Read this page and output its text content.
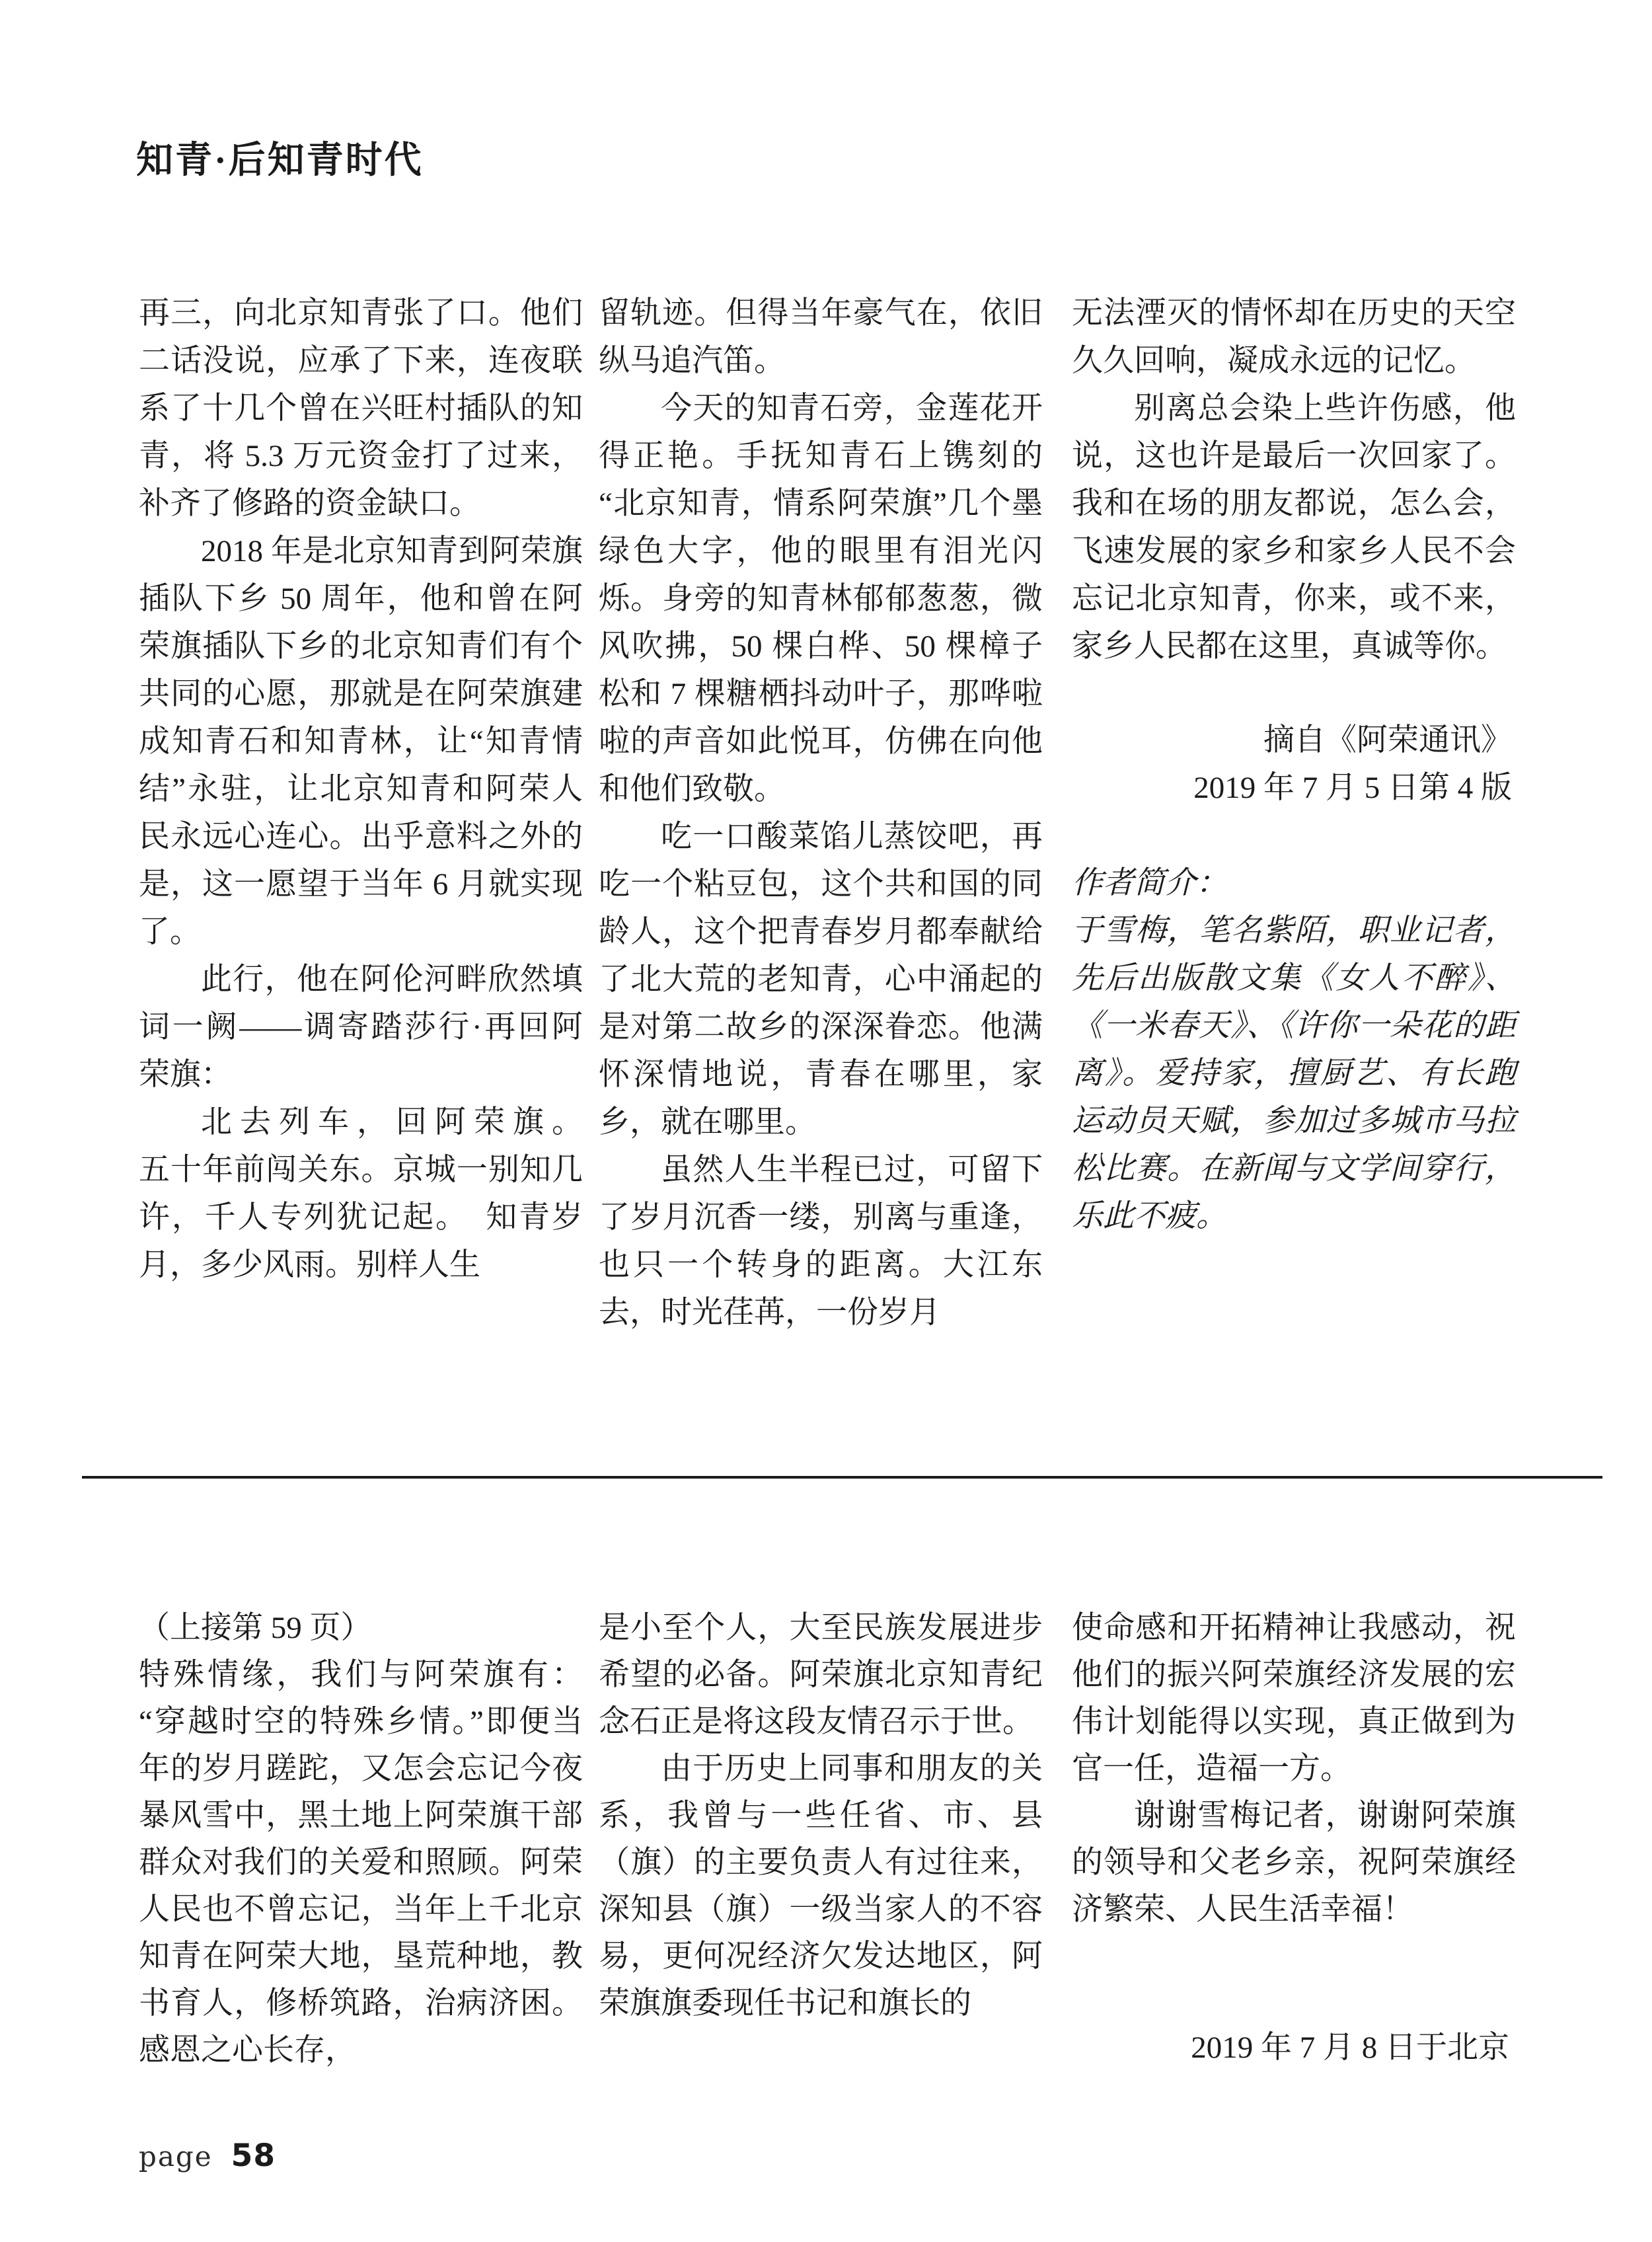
知青·后知青时代

再三，向北京知青张了口。他们二话没说，应承了下来，连夜联系了十几个曾在兴旺村插队的知青，将 5.3 万元资金打了过来，补齐了修路的资金缺口。

2018 年是北京知青到阿荣旗插队下乡 50 周年，他和曾在阿荣旗插队下乡的北京知青们有个共同的心愿，那就是在阿荣旗建成知青石和知青林，让“知青情结”永驻，让北京知青和阿荣人民永远心连心。出乎意料之外的是，这一愿望于当年 6 月就实现了。

此行，他在阿伦河畔欣然填词一阙——调寄踏莎行·再回阿荣旗：

北去列车，回阿荣旗。

五十年前闯关东。京城一别知几许，千人专列犹记起。　知青岁月，多少风雨。别样人生

留轨迹。但得当年豪气在，依旧纵马追汽笛。

今天的知青石旁，金莲花开得正艳。手抚知青石上镌刻的“北京知青，情系阿荣旗”几个墨绿色大字，他的眼里有泪光闪烁。身旁的知青林郁郁葱葱，微风吹拂，50 棵白桦、50 棵樟子松和 7 棵糖栖抖动叶子，那哗啦啦的声音如此悦耳，仿佛在向他和他们致敬。

吃一口酸菜馅儿蒸饺吧，再吃一个粘豆包，这个共和国的同龄人，这个把青春岁月都奉献给了北大荒的老知青，心中涌起的是对第二故乡的深深眷恋。他满怀深情地说，青春在哪里，家乡，就在哪里。

虽然人生半程已过，可留下了岁月沉香一缕，别离与重逢，也只一个转身的距离。大江东去，时光荏苒，一份岁月

无法湮灭的情怀却在历史的天空久久回响，凝成永远的记忆。

别离总会染上些许伤感，他说，这也许是最后一次回家了。我和在场的朋友都说，怎么会，飞速发展的家乡和家乡人民不会忘记北京知青，你来，或不来，家乡人民都在这里，真诚等你。

摘自《阿荣通讯》

2019 年 7 月 5 日第 4 版

作者简介：

于雪梅，笔名紫陌，职业记者，先后出版散文集《女人不醉》、《一米春天》、《许你一朵花的距离》。爱持家，擅厨艺、有长跑运动员天赋，参加过多城市马拉松比赛。在新闻与文学间穿行，乐此不疲。

（上接第 59 页）

特殊情缘，我们与阿荣旗有：“穿越时空的特殊乡情。”即便当年的岁月蹉跎，又怎会忘记今夜暴风雪中，黑土地上阿荣旗干部群众对我们的关爱和照顾。阿荣人民也不曾忘记，当年上千北京知青在阿荣大地，垦荒种地，教书育人，修桥筑路，治病济困。感恩之心长存，

是小至个人，大至民族发展进步希望的必备。阿荣旗北京知青纪念石正是将这段友情召示于世。

由于历史上同事和朋友的关系，我曾与一些任省、市、县（旗）的主要负责人有过往来，深知县（旗）一级当家人的不容易，更何况经济欠发达地区，阿荣旗旗委现任书记和旗长的

使命感和开拓精神让我感动，祝他们的振兴阿荣旗经济发展的宏伟计划能得以实现，真正做到为官一任，造福一方。

谢谢雪梅记者，谢谢阿荣旗的领导和父老乡亲，祝阿荣旗经济繁荣、人民生活幸福！

2019 年 7 月 8 日于北京

page 58
